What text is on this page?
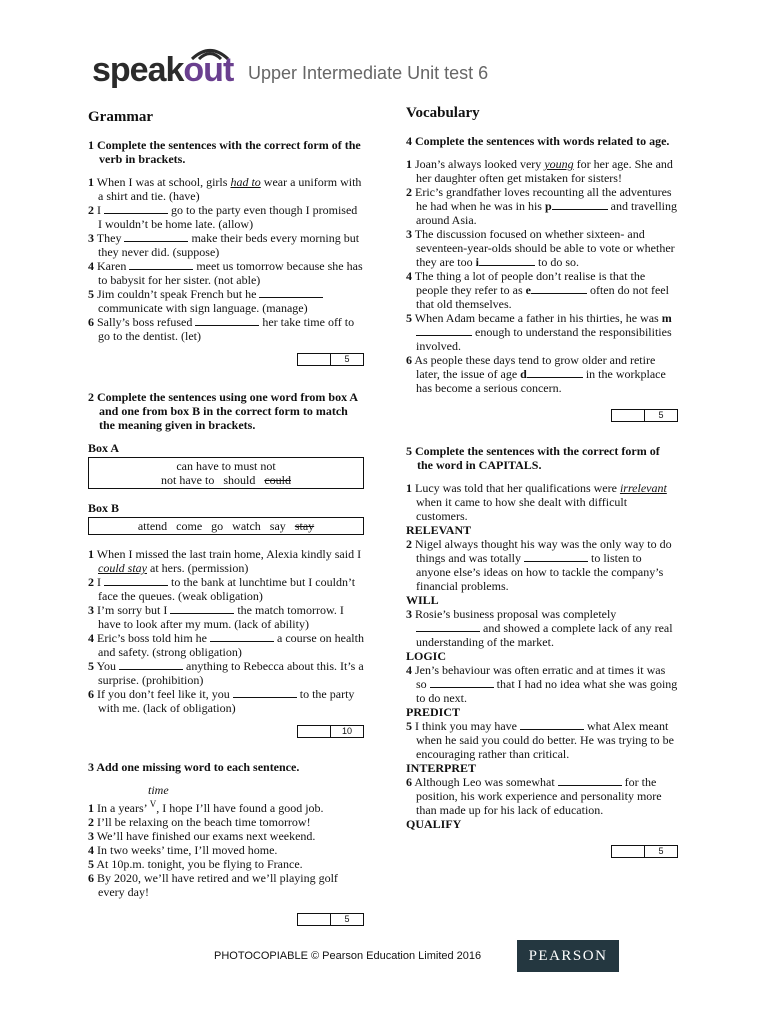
speakout Upper Intermediate Unit test 6
Grammar

1 Complete the sentences with the correct form of the verb in brackets.

1 When I was at school, girls had to wear a uniform with a shirt and tie. (have)

2 I	go to the party even though I promised I wouldn’t be home late. (allow)

3 They	make their beds every morning but they never did. (suppose)

4 Karen	meet us tomorrow because she has to babysit for her sister. (not able)

5 Jim couldn’t speak French but he  communicate with sign language. (manage)

6 Sally’s boss refused	her take time off to go to the dentist. (let)

5

2 Complete the sentences using one word from box A and one from box B in the correct form to match the meaning given in brackets.

Box A

can have to must not
not have to   should   could

Box B

attend   come   go   watch   say   stay

1 When I missed the last train home, Alexia kindly said I could stay at hers. (permission)

2 I	to the bank at lunchtime but I couldn’t face the queues. (weak obligation)

3 I’m sorry but I	the match tomorrow. I have to look after my mum. (lack of ability)

4 Eric’s boss told him he	a course on health and safety. (strong obligation)

5 You	anything to Rebecca about this. It’s a surprise. (prohibition)

6 If you don’t feel like it, you	to the party with me. (lack of obligation)

10

3 Add one missing word to each sentence.

time

1 In a years’ $^V$, I hope I’ll have found a good job.

2 I’ll be relaxing on the beach time tomorrow!

3 We’ll have finished our exams next weekend.

4 In two weeks’ time, I’ll moved home.

5 At 10p.m. tonight, you be flying to France.

6 By 2020, we’ll have retired and we’ll playing golf every day!

5
Vocabulary

4 Complete the sentences with words related to age.

1 Joan’s always looked very young for her age. She and her daughter often get mistaken for sisters!

2 Eric’s grandfather loves recounting all the adventures he had when he was in his p	and travelling around Asia.

3 The discussion focused on whether sixteen- and seventeen-year-olds should be able to vote or whether they are too i	to do so.

4 The thing a lot of people don’t realise is that the people they refer to as e	often do not feel that old themselves.

5 When Adam became a father in his thirties, he was m enough to understand the responsibilities involved.

6 As people these days tend to grow older and retire later, the issue of age d	in the workplace has become a serious concern.

5

5 Complete the sentences with the correct form of the word in CAPITALS.

1 Lucy was told that her qualifications were irrelevant when it came to how she dealt with difficult customers.

RELEVANT

2 Nigel always thought his way was the only way to do things and was totally	to listen to anyone else’s ideas on how to tackle the company’s financial problems.

WILL

3 Rosie’s business proposal was completely  and showed a complete lack of any real understanding of the market.

LOGIC

4 Jen’s behaviour was often erratic and at times it was so	that I had no idea what she was going to do next.

PREDICT

5 I think you may have	what Alex meant when he said you could do better. He was trying to be encouraging rather than critical.

INTERPRET

6 Although Leo was somewhat	for the position, his work experience and personality more than made up for his lack of education.

QUALIFY

5
PHOTOCOPIABLE © Pearson Education Limited 2016	PEARSON
